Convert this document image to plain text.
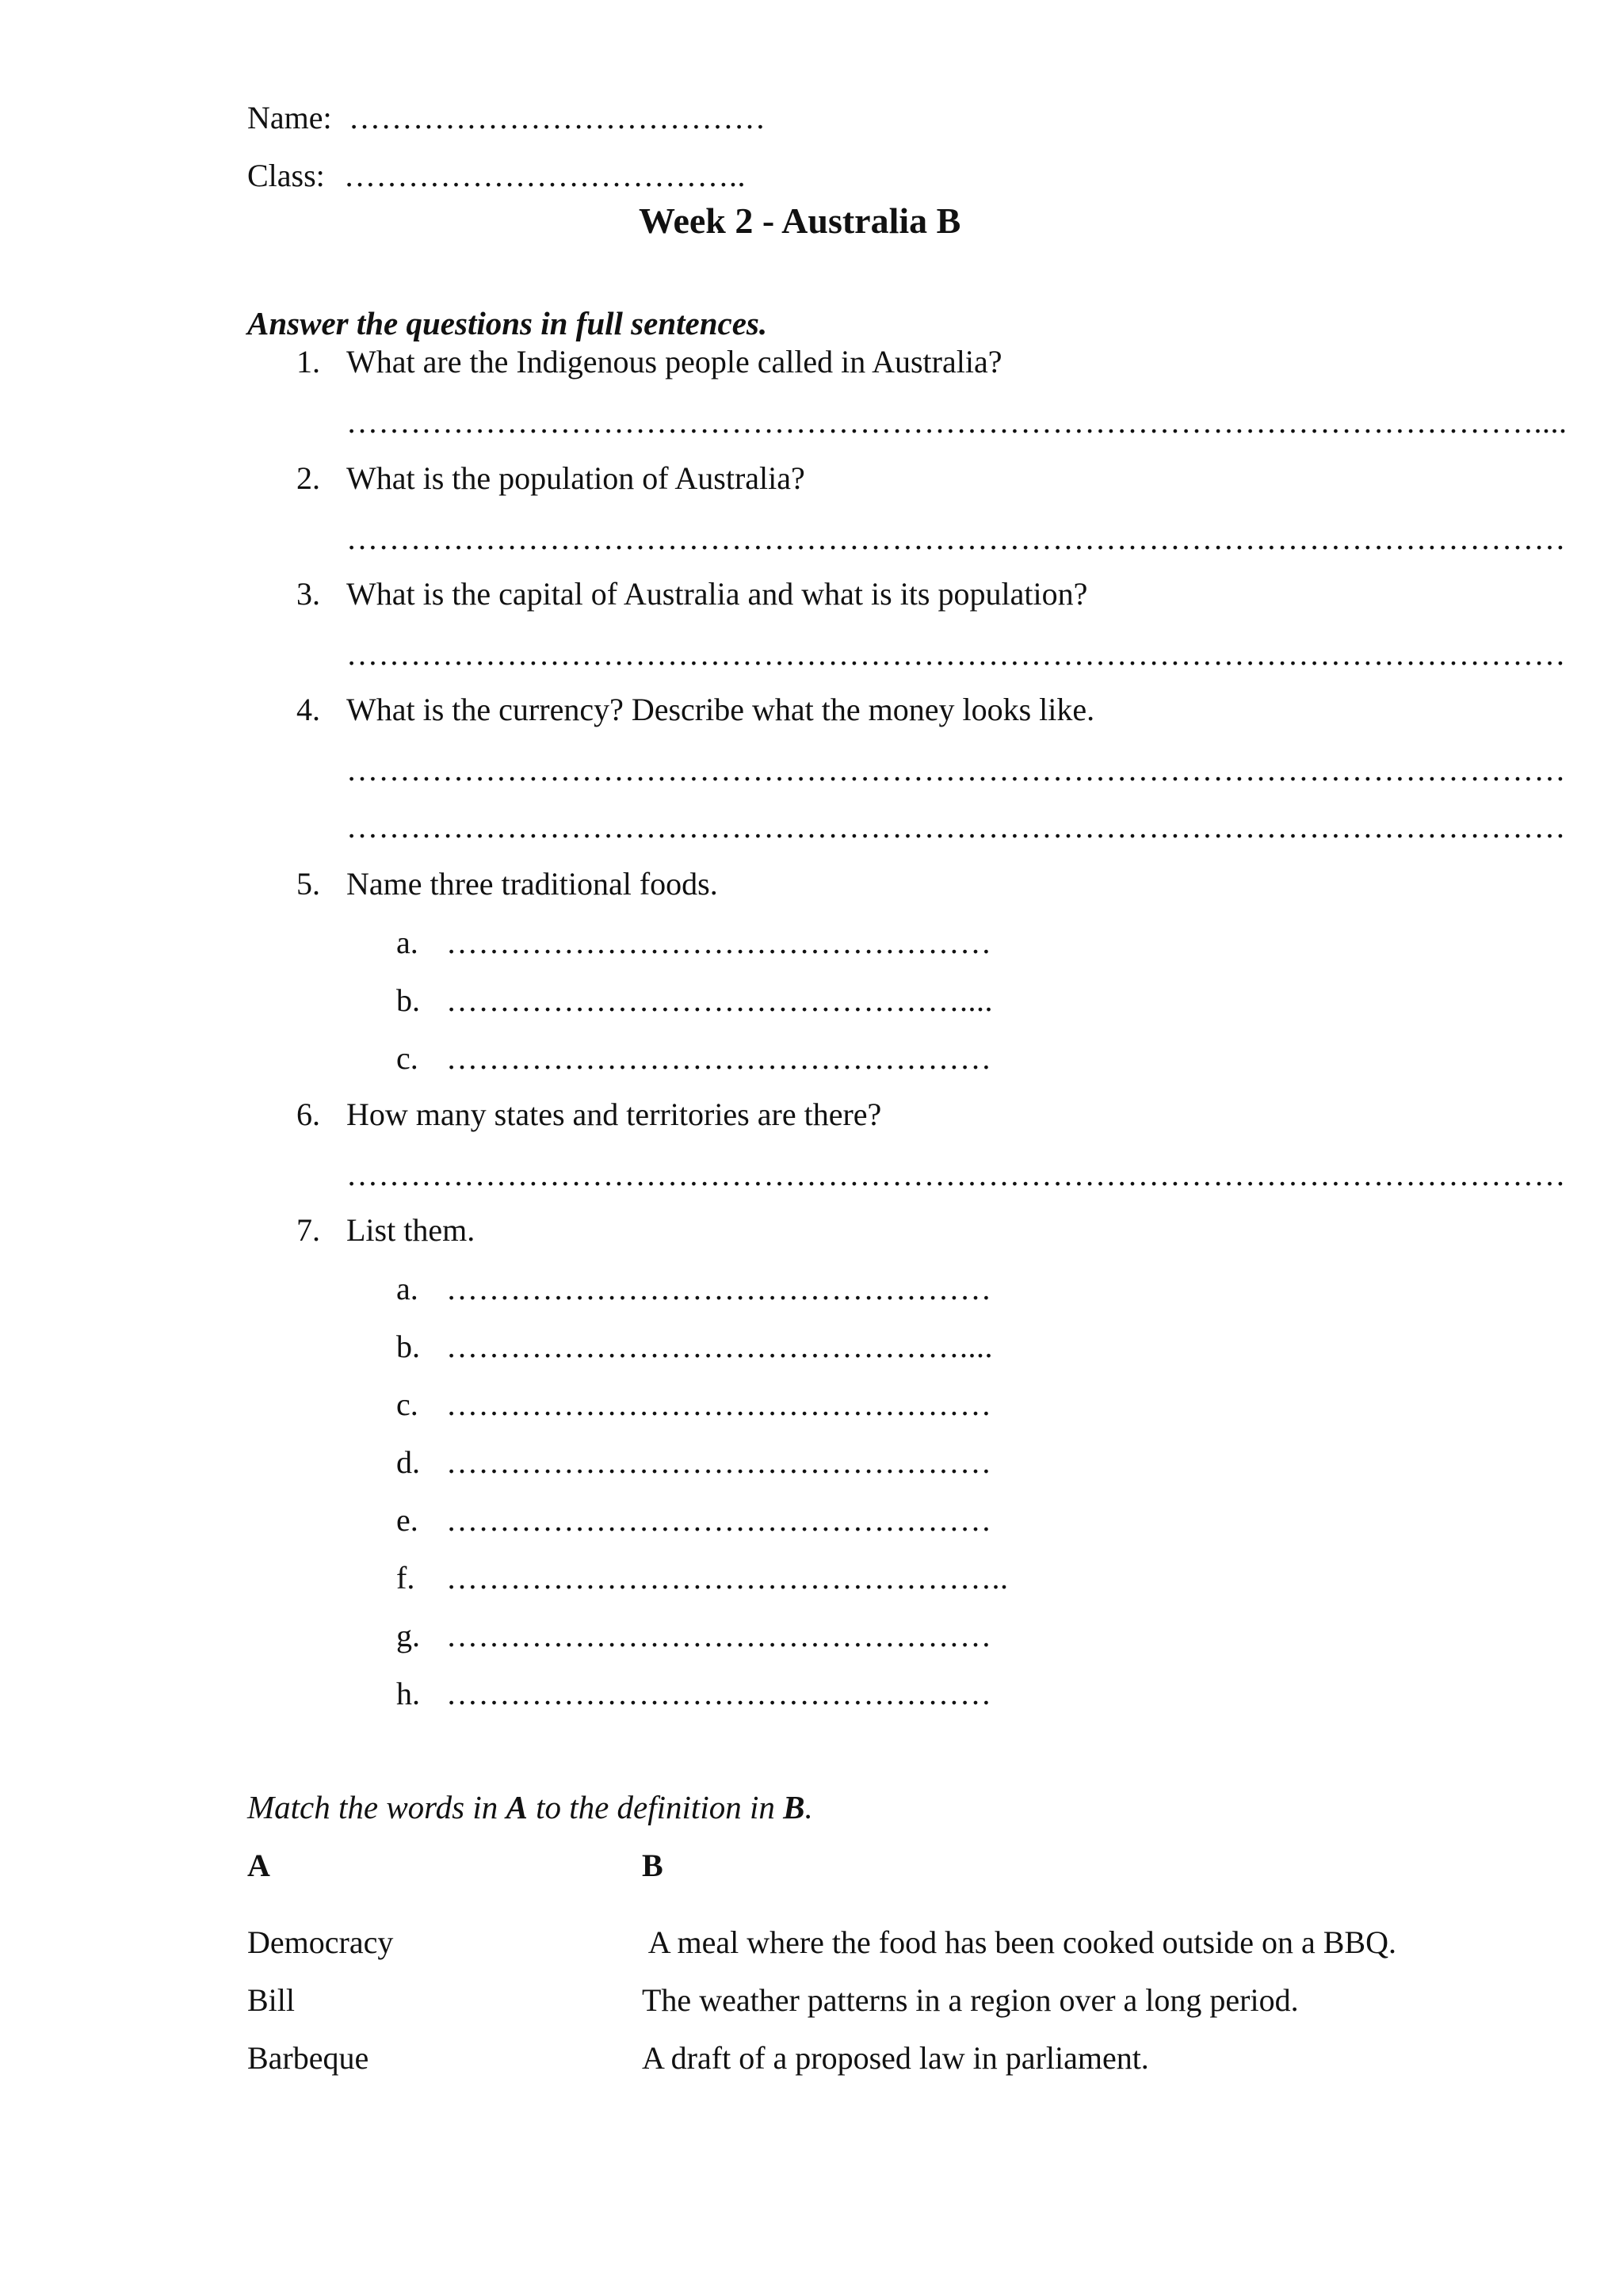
Name: …………………………………
Class: ………………………………..
Week 2 - Australia B
Answer the questions in full sentences.
1. What are the Indigenous people called in Australia?
…………………………………………………………………………………………………....
2. What is the population of Australia?
……………………………………………………………………………………………………
3. What is the capital of Australia and what is its population?
……………………………………………………………………………………………………
4. What is the currency? Describe what the money looks like.
……………………………………………………………………………………………………
……………………………………………………………………………………………………
5. Name three traditional foods.
a. ……………………………………………
b. …………………………………………....
c. ……………………………………………
6. How many states and territories are there?
……………………………………………………………………………………………………
7. List them.
a. ……………………………………………
b. …………………………………………....
c. ……………………………………………
d. ……………………………………………
e. ……………………………………………
f. ……………………………………………..
g. ……………………………………………
h. ……………………………………………
Match the words in A to the definition in B.
A	B
Democracy	A meal where the food has been cooked outside on a BBQ.
Bill	The weather patterns in a region over a long period.
Barbeque	A draft of a proposed law in parliament.
